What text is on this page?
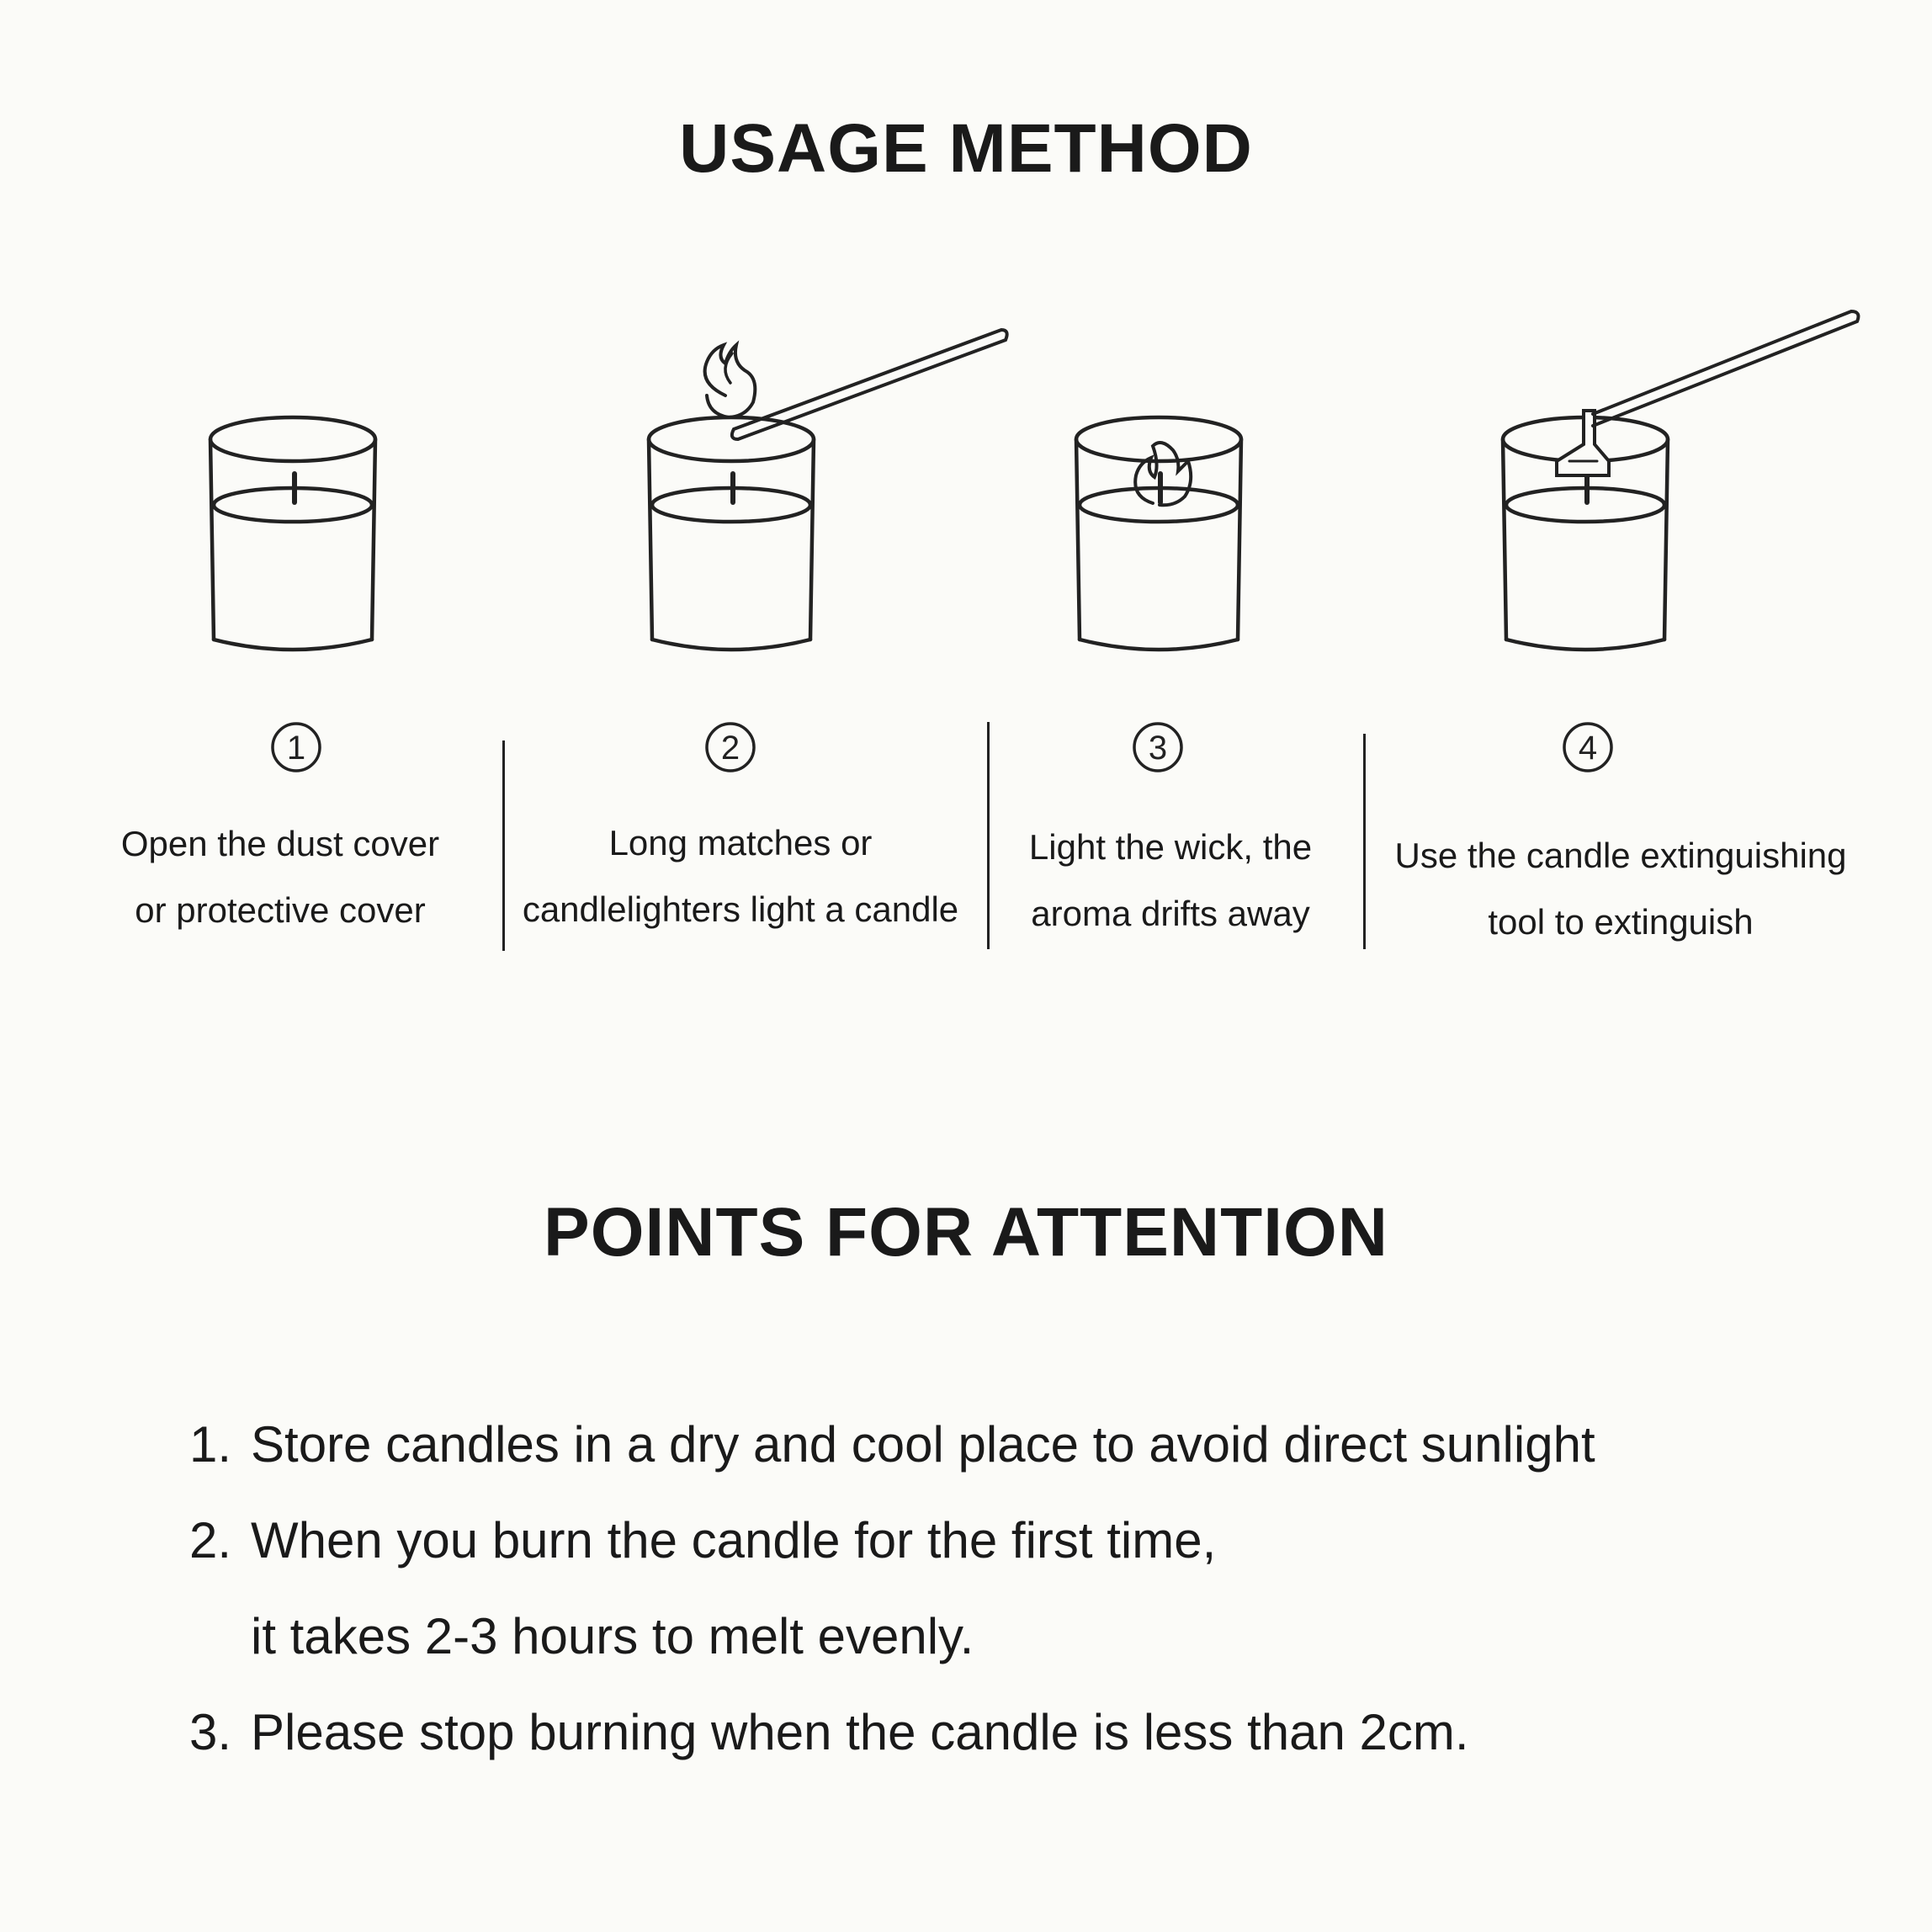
USAGE METHOD
1	2	3	4
Open the dust cover
or protective cover
Long matches or
candlelighters light a candle
Light the wick, the
aroma drifts away
Use the candle extinguishing
tool to extinguish
POINTS FOR ATTENTION
1. Store candles in a dry and cool place to avoid direct sunlight
2. When you burn the candle for the first time,
it takes 2-3 hours to melt evenly.
3. Please stop burning when the candle is less than 2cm.
